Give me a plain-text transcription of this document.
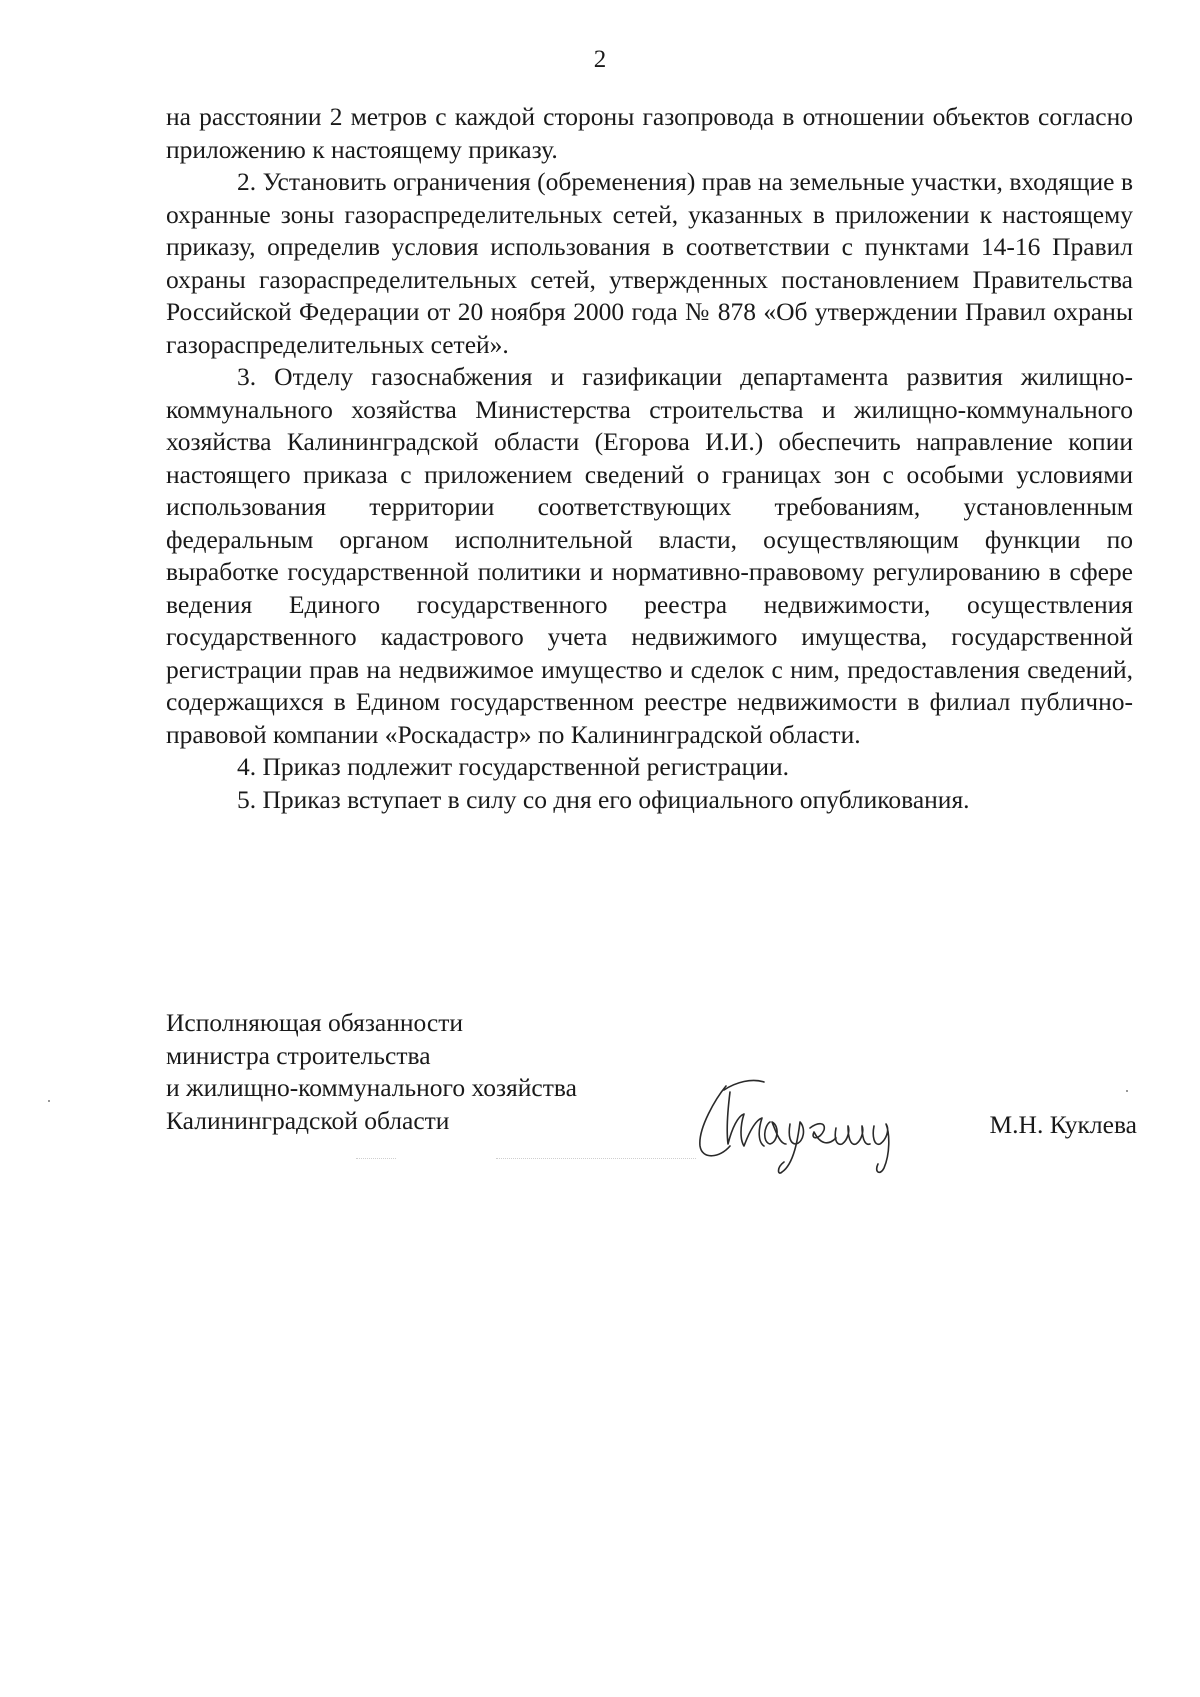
2

на расстоянии 2 метров с каждой стороны газопровода в отношении объектов согласно приложению к настоящему приказу.

2. Установить ограничения (обременения) прав на земельные участки, входящие в охранные зоны газораспределительных сетей, указанных в приложении к настоящему приказу, определив условия использования в соответствии с пунктами 14-16 Правил охраны газораспределительных сетей, утвержденных постановлением Правительства Российской Федерации от 20 ноября 2000 года № 878 «Об утверждении Правил охраны газораспределительных сетей».

3. Отделу газоснабжения и газификации департамента развития жилищно-коммунального хозяйства Министерства строительства и жилищно-коммунального хозяйства Калининградской области (Егорова И.И.) обеспечить направление копии настоящего приказа с приложением сведений о границах зон с особыми условиями использования территории соответствующих требованиям, установленным федеральным органом исполнительной власти, осуществляющим функции по выработке государственной политики и нормативно-правовому регулированию в сфере ведения Единого государственного реестра недвижимости, осуществления государственного кадастрового учета недвижимого имущества, государственной регистрации прав на недвижимое имущество и сделок с ним, предоставления сведений, содержащихся в Едином государственном реестре недвижимости в филиал публично-правовой компании «Роскадастр» по Калининградской области.

4. Приказ подлежит государственной регистрации.

5. Приказ вступает в силу со дня его официального опубликования.

Исполняющая обязанности
министра строительства
и жилищно-коммунального хозяйства
Калининградской области	М.Н. Куклева
